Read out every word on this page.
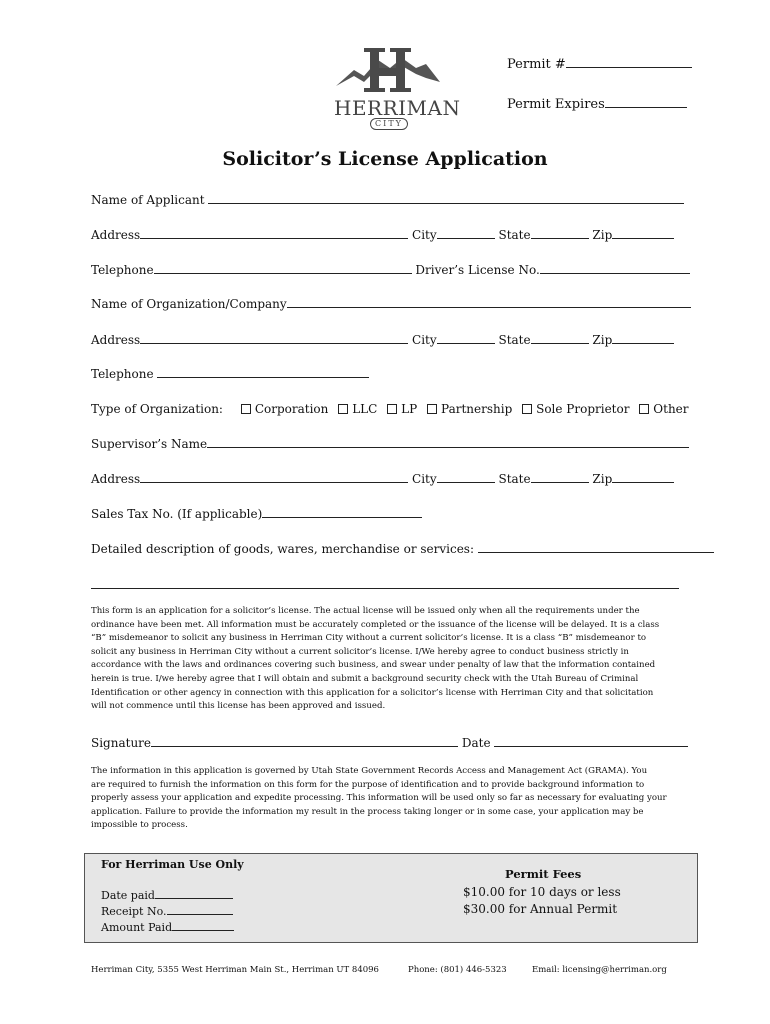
HERRIMAN
CITY
Permit #
Permit Expires
Solicitor’s License Application
Name of Applicant
Address	City	State	Zip
Telephone	Driver’s License No.
Name of Organization/Company
Address	City	State	Zip
Telephone
Type of Organization:	Corporation LLC LP Partnership Sole Proprietor Other
Supervisor’s Name
Address	City	State	Zip
Sales Tax No. (If applicable)
Detailed description of goods, wares, merchandise or services:
This form is an application for a solicitor’s license. The actual license will be issued only when all the requirements under the
ordinance have been met. All information must be accurately completed or the issuance of the license will be delayed. It is a class
“B” misdemeanor to solicit any business in Herriman City without a current solicitor’s license. It is a class “B” misdemeanor to
solicit any business in Herriman City without a current solicitor’s license. I/We hereby agree to conduct business strictly in
accordance with the laws and ordinances covering such business, and swear under penalty of law that the information contained
herein is true. I/we hereby agree that I will obtain and submit a background security check with the Utah Bureau of Criminal
Identification or other agency in connection with this application for a solicitor’s license with Herriman City and that solicitation
will not commence until this license has been approved and issued.
Signature	Date
The information in this application is governed by Utah State Government Records Access and Management Act (GRAMA). You
are required to furnish the information on this form for the purpose of identification and to provide background information to
properly assess your application and expedite processing. This information will be used only so far as necessary for evaluating your
application. Failure to provide the information my result in the process taking longer or in some case, your application may be
impossible to process.
For Herriman Use Only
Date paid
Receipt No.
Amount Paid
Permit Fees
$10.00 for 10 days or less
$30.00 for Annual Permit
Herriman City, 5355 West Herriman Main St., Herriman UT 84096	Phone: (801) 446-5323	Email: licensing@herriman.org
